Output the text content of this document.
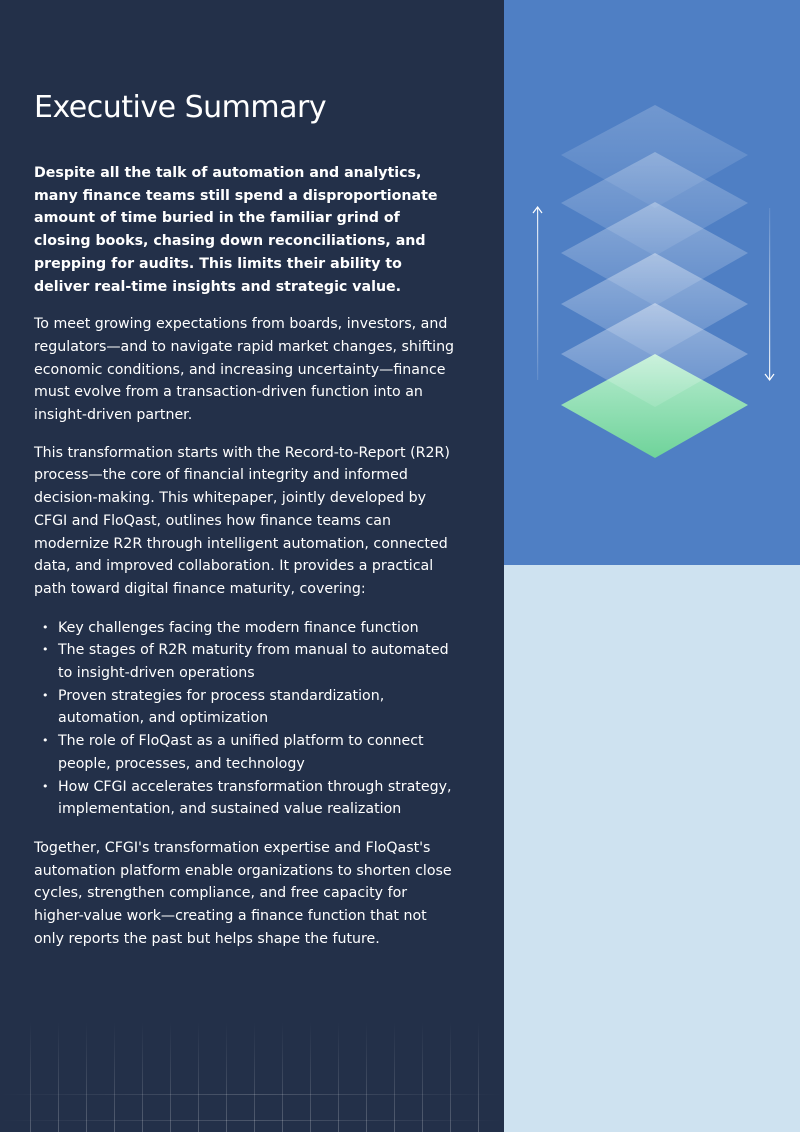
Executive Summary

Despite all the talk of automation and analytics, many finance teams still spend a disproportionate amount of time buried in the familiar grind of closing books, chasing down reconciliations, and prepping for audits. This limits their ability to deliver real-time insights and strategic value.

To meet growing expectations from boards, investors, and regulators—and to navigate rapid market changes, shifting economic conditions, and increasing uncertainty—finance must evolve from a transaction-driven function into an insight-driven partner.

This transformation starts with the Record-to-Report (R2R) process—the core of financial integrity and informed decision-making. This whitepaper, jointly developed by CFGI and FloQast, outlines how finance teams can modernize R2R through intelligent automation, connected data, and improved collaboration. It provides a practical path toward digital finance maturity, covering:

• Key challenges facing the modern finance function
• The stages of R2R maturity from manual to automated to insight-driven operations
• Proven strategies for process standardization, automation, and optimization
• The role of FloQast as a unified platform to connect people, processes, and technology
• How CFGI accelerates transformation through strategy, implementation, and sustained value realization

Together, CFGI's transformation expertise and FloQast's automation platform enable organizations to shorten close cycles, strengthen compliance, and free capacity for higher-value work—creating a finance function that not only reports the past but helps shape the future.
